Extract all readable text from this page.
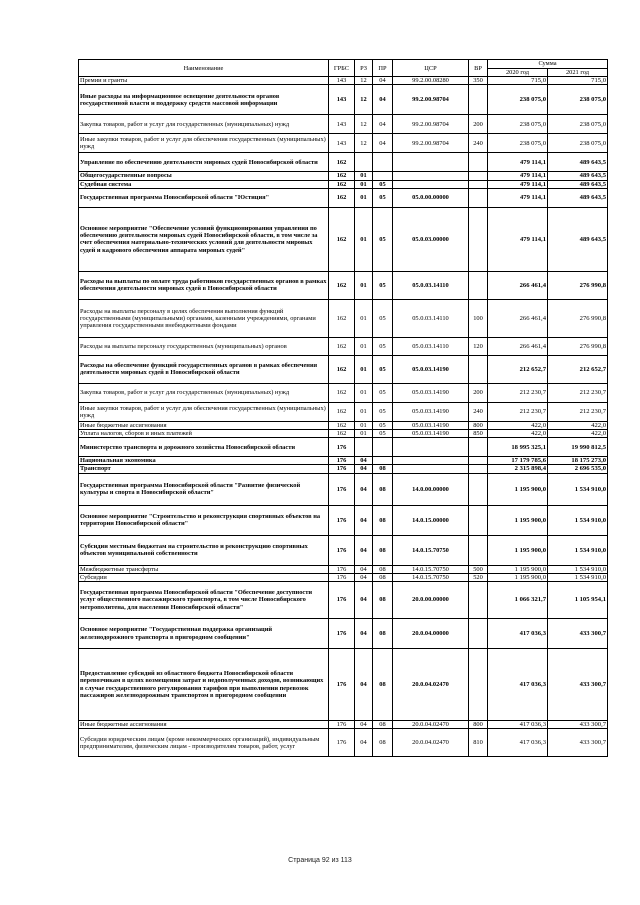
Наименование	ГРБС	РЗ	ПР	ЦСР	ВР	Сумма	
						2020 год	2021 год
Премии и гранты	143	12	04	99.2.00.08280	350	715,0	715,0
Иные расходы на информационное освещение деятельности органов государственной власти и поддержку средств массовой информации	143	12	04	99.2.00.98704		238 075,0	238 075,0
Закупка товаров, работ и услуг для государственных (муниципальных) нужд	143	12	04	99.2.00.98704	200	238 075,0	238 075,0
Иные закупки товаров, работ и услуг для обеспечения государственных (муниципальных) нужд	143	12	04	99.2.00.98704	240	238 075,0	238 075,0
Управление по обеспечению деятельности мировых судей Новосибирской области	162					479 114,1	489 643,5
Общегосударственные вопросы	162	01				479 114,1	489 643,5
Судебная система	162	01	05			479 114,1	489 643,5
Государственная программа Новосибирской области "Юстиция"	162	01	05	05.0.00.00000		479 114,1	489 643,5
Основное мероприятие "Обеспечение условий функционирования управления по обеспечению деятельности мировых судей Новосибирской области, в том числе за счет обеспечения материально-технических условий для деятельности мировых судей и кадрового обеспечения аппарата мировых судей"	162	01	05	05.0.03.00000		479 114,1	489 643,5
Расходы на выплаты по оплате труда работников государственных органов в рамках обеспечения деятельности мировых судей в Новосибирской области	162	01	05	05.0.03.14110		266 461,4	276 990,8
Расходы на выплаты персоналу в целях обеспечения выполнения функций государственными (муниципальными) органами, казенными учреждениями, органами управления государственными внебюджетными фондами	162	01	05	05.0.03.14110	100	266 461,4	276 990,8
Расходы на выплаты персоналу государственных (муниципальных) органов	162	01	05	05.0.03.14110	120	266 461,4	276 990,8
Расходы на обеспечение функций государственных органов в рамках обеспечения деятельности мировых судей в Новосибирской области	162	01	05	05.0.03.14190		212 652,7	212 652,7
Закупка товаров, работ и услуг для государственных (муниципальных) нужд	162	01	05	05.0.03.14190	200	212 230,7	212 230,7
Иные закупки товаров, работ и услуг для обеспечения государственных (муниципальных) нужд	162	01	05	05.0.03.14190	240	212 230,7	212 230,7
Иные бюджетные ассигнования	162	01	05	05.0.03.14190	800	422,0	422,0
Уплата налогов, сборов и иных платежей	162	01	05	05.0.03.14190	850	422,0	422,0
Министерство транспорта и дорожного хозяйства Новосибирской области	176					18 995 325,1	19 990 812,5
Национальная экономика	176	04				17 179 785,6	18 175 273,0
Транспорт	176	04	08			2 315 898,4	2 696 535,0
Государственная программа Новосибирской области "Развитие физической культуры и спорта в Новосибирской области"	176	04	08	14.0.00.00000		1 195 900,0	1 534 910,0
Основное мероприятие "Строительство и реконструкция спортивных объектов на территории Новосибирской области"	176	04	08	14.0.15.00000		1 195 900,0	1 534 910,0
Субсидии местным бюджетам на строительство и реконструкцию спортивных объектов муниципальной собственности	176	04	08	14.0.15.70750		1 195 900,0	1 534 910,0
Межбюджетные трансферты	176	04	08	14.0.15.70750	500	1 195 900,0	1 534 910,0
Субсидии	176	04	08	14.0.15.70750	520	1 195 900,0	1 534 910,0
Государственная программа Новосибирской области "Обеспечение доступности услуг общественного пассажирского транспорта, в том числе Новосибирского метрополитена, для населения Новосибирской области"	176	04	08	20.0.00.00000		1 066 321,7	1 105 954,1
Основное мероприятие "Государственная поддержка организаций железнодорожного транспорта в пригородном сообщении"	176	04	08	20.0.04.00000		417 036,3	433 300,7
Предоставление субсидий из областного бюджета Новосибирской области перевозчикам в целях возмещения затрат и недополученных доходов, возникающих в случае государственного регулирования тарифов при выполнении перевозок пассажиров железнодорожным транспортом в пригородном сообщении	176	04	08	20.0.04.02470		417 036,3	433 300,7
Иные бюджетные ассигнования	176	04	08	20.0.04.02470	800	417 036,3	433 300,7
Субсидии юридическим лицам (кроме некоммерческих организаций), индивидуальным предпринимателям, физическим лицам - производителям товаров, работ, услуг	176	04	08	20.0.04.02470	810	417 036,3	433 300,7
Страница 92 из 113
